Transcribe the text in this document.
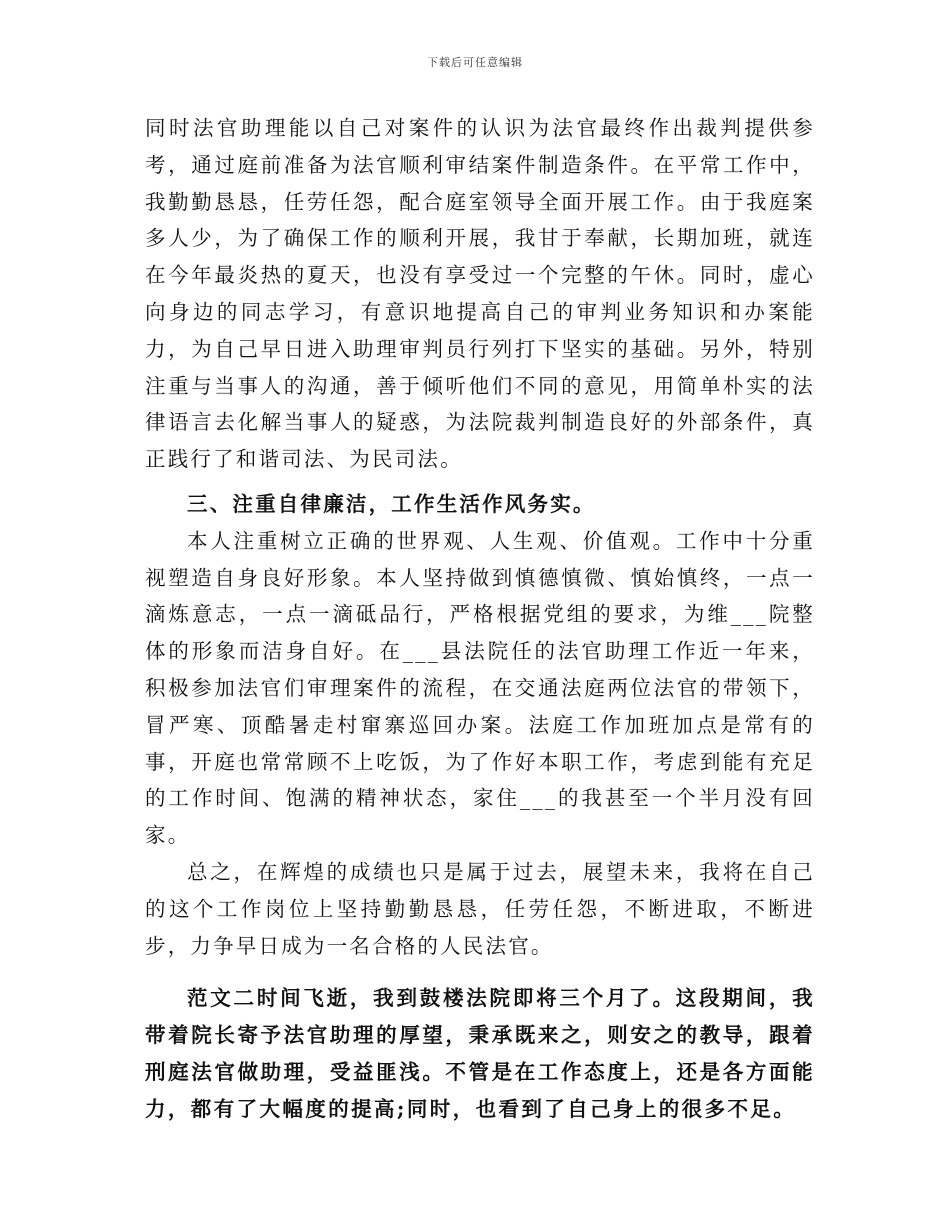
下载后可任意编辑

同时法官助理能以自己对案件的认识为法官最终作出裁判提供参考，通过庭前准备为法官顺利审结案件制造条件。在平常工作中，我勤勤恳恳，任劳任怨，配合庭室领导全面开展工作。由于我庭案多人少，为了确保工作的顺利开展，我甘于奉献，长期加班，就连在今年最炎热的夏天，也没有享受过一个完整的午休。同时，虚心向身边的同志学习，有意识地提高自己的审判业务知识和办案能力，为自己早日进入助理审判员行列打下坚实的基础。另外，特别注重与当事人的沟通，善于倾听他们不同的意见，用简单朴实的法律语言去化解当事人的疑惑，为法院裁判制造良好的外部条件，真正践行了和谐司法、为民司法。

三、注重自律廉洁，工作生活作风务实。

本人注重树立正确的世界观、人生观、价值观。工作中十分重视塑造自身良好形象。本人坚持做到慎德慎微、慎始慎终，一点一滴炼意志，一点一滴砥品行，严格根据党组的要求，为维___院整体的形象而洁身自好。在___县法院任的法官助理工作近一年来，积极参加法官们审理案件的流程，在交通法庭两位法官的带领下，冒严寒、顶酷暑走村窜寨巡回办案。法庭工作加班加点是常有的事，开庭也常常顾不上吃饭，为了作好本职工作，考虑到能有充足的工作时间、饱满的精神状态，家住___的我甚至一个半月没有回家。

总之，在辉煌的成绩也只是属于过去，展望未来，我将在自己的这个工作岗位上坚持勤勤恳恳，任劳任怨，不断进取，不断进步，力争早日成为一名合格的人民法官。

范文二时间飞逝，我到鼓楼法院即将三个月了。这段期间，我带着院长寄予法官助理的厚望，秉承既来之，则安之的教导，跟着刑庭法官做助理，受益匪浅。不管是在工作态度上，还是各方面能力，都有了大幅度的提高;同时，也看到了自己身上的很多不足。
